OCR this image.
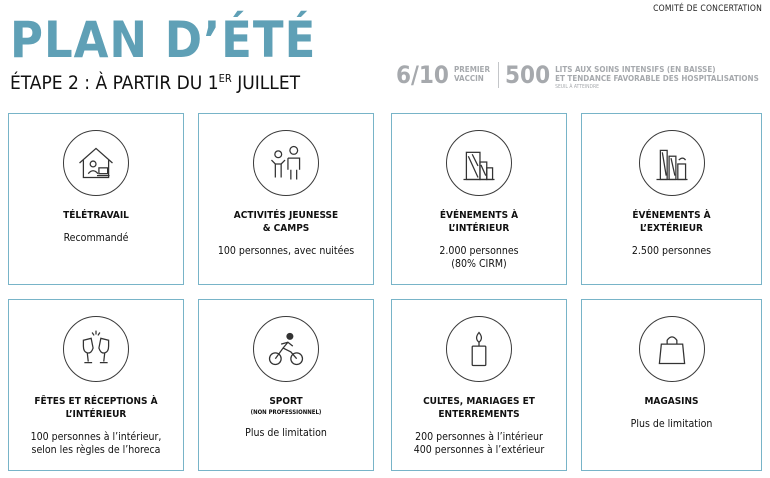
COMITÉ DE CONCERTATION
PLAN D’ÉTÉ
ÉTAPE 2 : À PARTIR DU 1ER JUILLET	6/10 PREMIER
VACCIN 500 LITS AUX SOINS INTENSIFS (EN BAISSE)
ET TENDANCE FAVORABLE DES HOSPITALISATIONS
SEUIL À ATTEINDRE
TÉLÉTRAVAIL
Recommandé
ACTIVITÉS JEUNESSE
& CAMPS
100 personnes, avec nuitées
ÉVÉNEMENTS À
L’INTÉRIEUR
2.000 personnes
(80% CIRM)
ÉVÉNEMENTS À
L’EXTÉRIEUR
2.500 personnes
FÊTES ET RÉCEPTIONS À
L’INTÉRIEUR
100 personnes à l’intérieur,
selon les règles de l’horeca
SPORT
(NON PROFESSIONNEL)
Plus de limitation
CULTES, MARIAGES ET
ENTERREMENTS
200 personnes à l’intérieur
400 personnes à l’extérieur
MAGASINS
Plus de limitation
